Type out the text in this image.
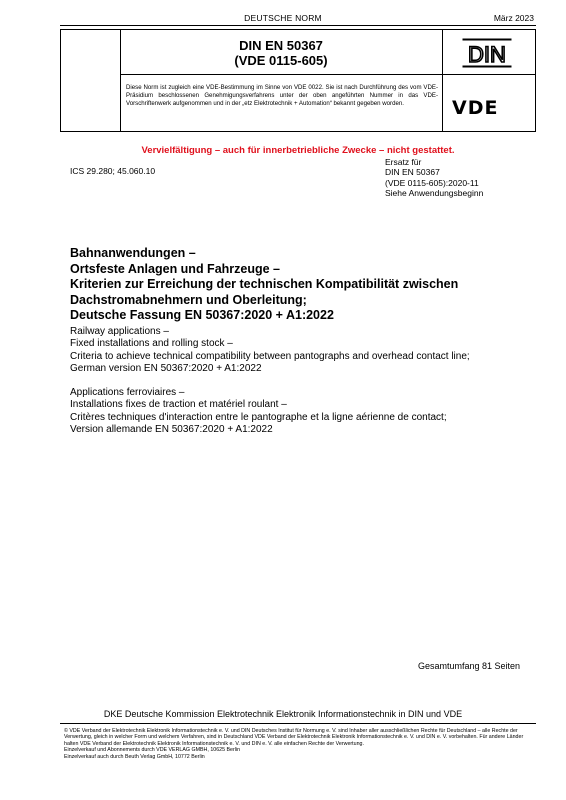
DEUTSCHE NORM	März 2023
DIN EN 50367
(VDE 0115-605)
Diese Norm ist zugleich eine VDE-Bestimmung im Sinne von VDE 0022. Sie ist nach Durchführung des vom VDE-Präsidium beschlossenen Genehmigungsverfahrens unter der oben angeführten Nummer in das VDE-Vorschriftenwerk aufgenommen und in der „etz Elektrotechnik + Automation“ bekannt gegeben worden.
DIN
VDE
Vervielfältigung – auch für innerbetriebliche Zwecke – nicht gestattet.
ICS 29.280; 45.060.10
Ersatz für
DIN EN 50367
(VDE 0115-605):2020-11
Siehe Anwendungsbeginn
Bahnanwendungen –
Ortsfeste Anlagen und Fahrzeuge –
Kriterien zur Erreichung der technischen Kompatibilität zwischen
Dachstromabnehmern und Oberleitung;
Deutsche Fassung EN 50367:2020 + A1:2022
Railway applications –
Fixed installations and rolling stock –
Criteria to achieve technical compatibility between pantographs and overhead contact line;
German version EN 50367:2020 + A1:2022
Applications ferroviaires –
Installations fixes de traction et matériel roulant –
Critères techniques d'interaction entre le pantographe et la ligne aérienne de contact;
Version allemande EN 50367:2020 + A1:2022
Gesamtumfang 81 Seiten
DKE Deutsche Kommission Elektrotechnik Elektronik Informationstechnik in DIN und VDE

© VDE Verband der Elektrotechnik Elektronik Informationstechnik e. V. und DIN Deutsches Institut für Normung e. V. sind Inhaber aller ausschließlichen Rechte für Deutschland – alle Rechte der Verwertung, gleich in welcher Form und welchem Verfahren, sind in Deutschland VDE Verband der Elektrotechnik Elektronik Informationstechnik e. V. und DIN e. V. vorbehalten. Für andere Länder halten VDE Verband der Elektrotechnik Elektronik Informationstechnik e. V. und DIN e. V. alle einfachen Rechte der Verwertung.

Einzelverkauf und Abonnements durch VDE VERLAG GMBH, 10625 Berlin

Einzelverkauf auch durch Beuth Verlag GmbH, 10772 Berlin
